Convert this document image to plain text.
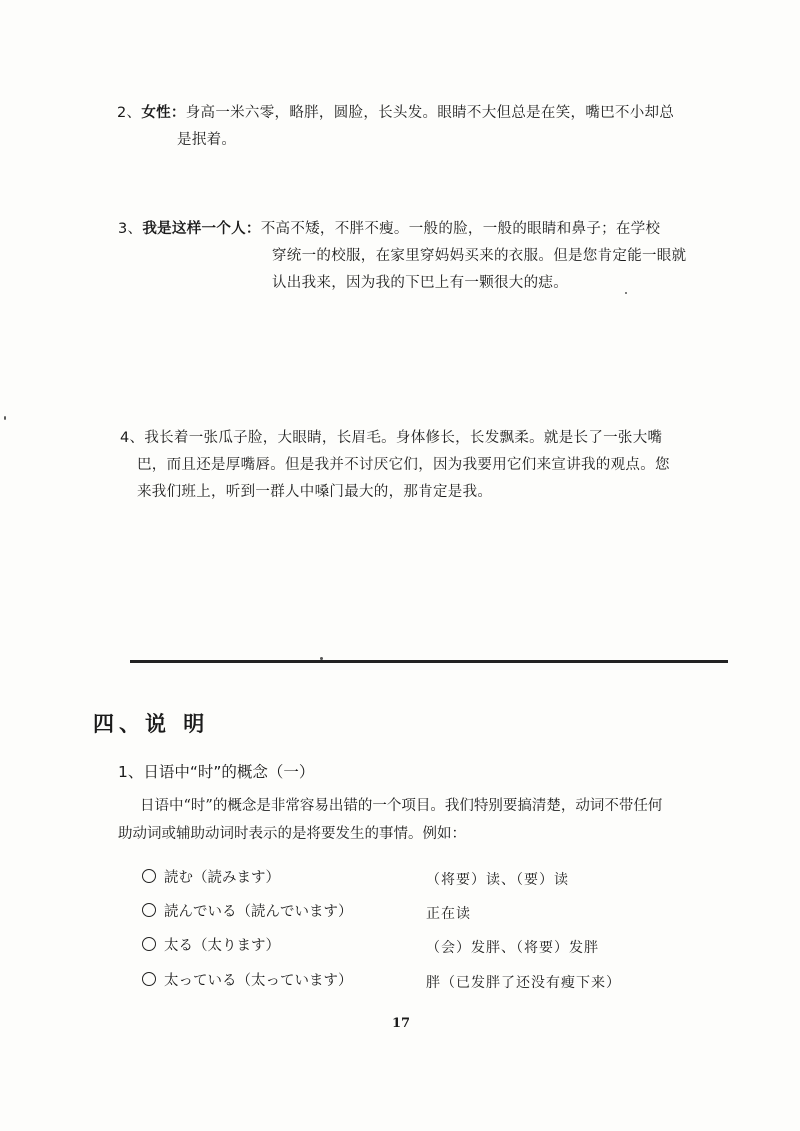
2、女性：身高一米六零，略胖，圆脸，长头发。眼睛不大但总是在笑，嘴巴不小却总
是抿着。
3、我是这样一个人：不高不矮，不胖不瘦。一般的脸，一般的眼睛和鼻子；在学校
穿统一的校服，在家里穿妈妈买来的衣服。但是您肯定能一眼就
认出我来，因为我的下巴上有一颗很大的痣。
4、我长着一张瓜子脸，大眼睛，长眉毛。身体修长，长发飘柔。就是长了一张大嘴
巴，而且还是厚嘴唇。但是我并不讨厌它们，因为我要用它们来宣讲我的观点。您
来我们班上，听到一群人中嗓门最大的，那肯定是我。
四、说 明
1、日语中“时”的概念（一）
日语中“时”的概念是非常容易出错的一个项目。我们特别要搞清楚，动词不带任何
助动词或辅助动词时表示的是将要发生的事情。例如：
読む（読みます）	（将要）读、（要）读
読んでいる（読んでいます）	正在读
太る（太ります）	（会）发胖、（将要）发胖
太っている（太っています）	胖（已发胖了还没有瘦下来）
17
